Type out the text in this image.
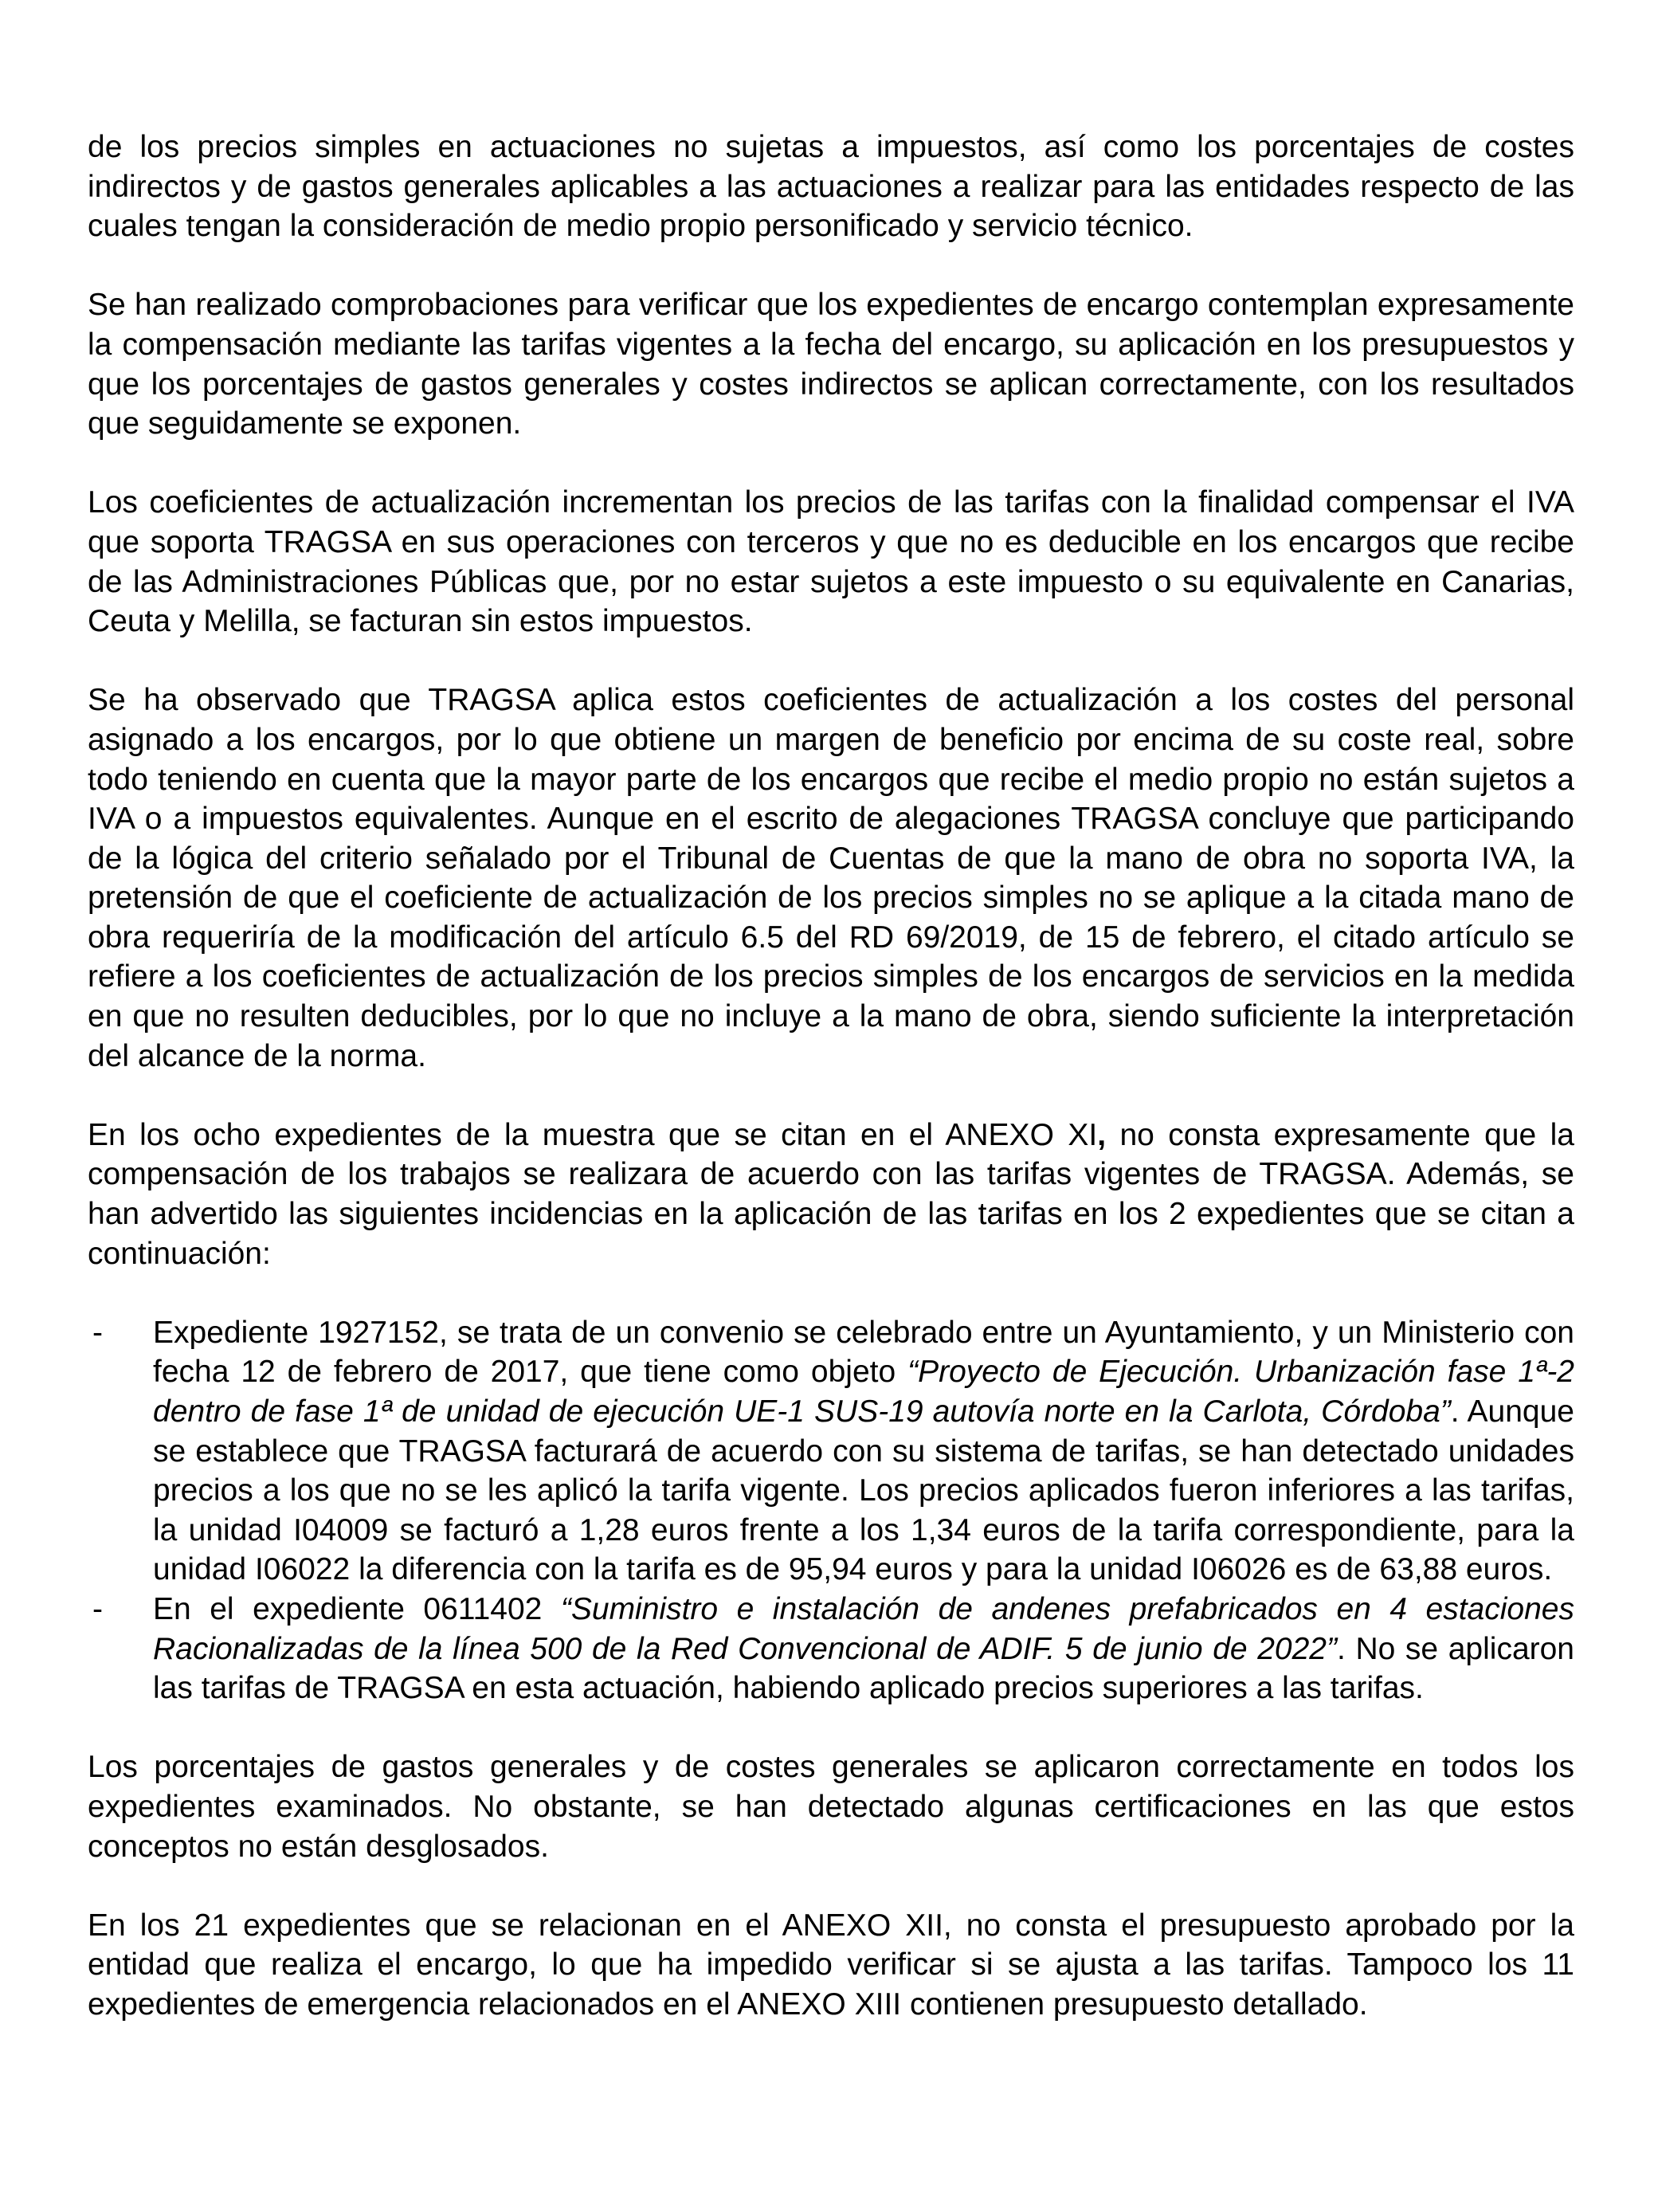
de los precios simples en actuaciones no sujetas a impuestos, así como los porcentajes de costes indirectos y de gastos generales aplicables a las actuaciones a realizar para las entidades respecto de las cuales tengan la consideración de medio propio personificado y servicio técnico.

Se han realizado comprobaciones para verificar que los expedientes de encargo contemplan expresamente la compensación mediante las tarifas vigentes a la fecha del encargo, su aplicación en los presupuestos y que los porcentajes de gastos generales y costes indirectos se aplican correctamente, con los resultados que seguidamente se exponen.

Los coeficientes de actualización incrementan los precios de las tarifas con la finalidad compensar el IVA que soporta TRAGSA en sus operaciones con terceros y que no es deducible en los encargos que recibe de las Administraciones Públicas que, por no estar sujetos a este impuesto o su equivalente en Canarias, Ceuta y Melilla, se facturan sin estos impuestos.

Se ha observado que TRAGSA aplica estos coeficientes de actualización a los costes del personal asignado a los encargos, por lo que obtiene un margen de beneficio por encima de su coste real, sobre todo teniendo en cuenta que la mayor parte de los encargos que recibe el medio propio no están sujetos a IVA o a impuestos equivalentes. Aunque en el escrito de alegaciones TRAGSA concluye que participando de la lógica del criterio señalado por el Tribunal de Cuentas de que la mano de obra no soporta IVA, la pretensión de que el coeficiente de actualización de los precios simples no se aplique a la citada mano de obra requeriría de la modificación del artículo 6.5 del RD 69/2019, de 15 de febrero, el citado artículo se refiere a los coeficientes de actualización de los precios simples de los encargos de servicios en la medida en que no resulten deducibles, por lo que no incluye a la mano de obra, siendo suficiente la interpretación del alcance de la norma.

En los ocho expedientes de la muestra que se citan en el ANEXO XI, no consta expresamente que la compensación de los trabajos se realizara de acuerdo con las tarifas vigentes de TRAGSA. Además, se han advertido las siguientes incidencias en la aplicación de las tarifas en los 2 expedientes que se citan a continuación:

- Expediente 1927152, se trata de un convenio se celebrado entre un Ayuntamiento, y un Ministerio con fecha 12 de febrero de 2017, que tiene como objeto “Proyecto de Ejecución. Urbanización fase 1ª-2 dentro de fase 1ª de unidad de ejecución UE-1 SUS-19 autovía norte en la Carlota, Córdoba”. Aunque se establece que TRAGSA facturará de acuerdo con su sistema de tarifas, se han detectado unidades precios a los que no se les aplicó la tarifa vigente. Los precios aplicados fueron inferiores a las tarifas, la unidad I04009 se facturó a 1,28 euros frente a los 1,34 euros de la tarifa correspondiente, para la unidad I06022 la diferencia con la tarifa es de 95,94 euros y para la unidad I06026 es de 63,88 euros.
- En el expediente 0611402 “Suministro e instalación de andenes prefabricados en 4 estaciones Racionalizadas de la línea 500 de la Red Convencional de ADIF. 5 de junio de 2022”. No se aplicaron las tarifas de TRAGSA en esta actuación, habiendo aplicado precios superiores a las tarifas.

Los porcentajes de gastos generales y de costes generales se aplicaron correctamente en todos los expedientes examinados. No obstante, se han detectado algunas certificaciones en las que estos conceptos no están desglosados.

En los 21 expedientes que se relacionan en el ANEXO XII, no consta el presupuesto aprobado por la entidad que realiza el encargo, lo que ha impedido verificar si se ajusta a las tarifas. Tampoco los 11 expedientes de emergencia relacionados en el ANEXO XIII contienen presupuesto detallado.
